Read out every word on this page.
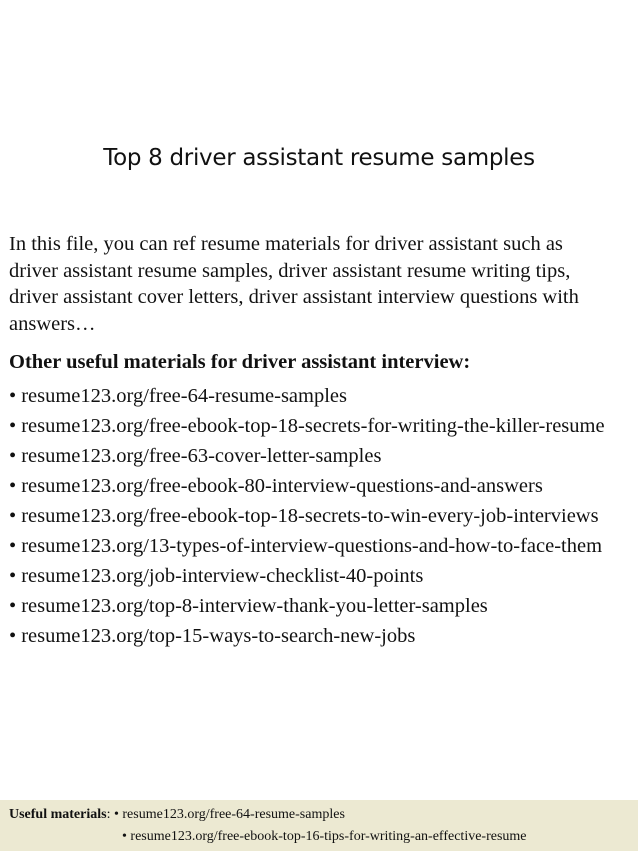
Top 8 driver assistant resume samples

In this file, you can ref resume materials for driver assistant such as

driver assistant resume samples, driver assistant resume writing tips,

driver assistant cover letters, driver assistant interview questions with

answers…

Other useful materials for driver assistant interview:
• resume123.org/free-64-resume-samples
• resume123.org/free-ebook-top-18-secrets-for-writing-the-killer-resume
• resume123.org/free-63-cover-letter-samples
• resume123.org/free-ebook-80-interview-questions-and-answers
• resume123.org/free-ebook-top-18-secrets-to-win-every-job-interviews
• resume123.org/13-types-of-interview-questions-and-how-to-face-them
• resume123.org/job-interview-checklist-40-points
• resume123.org/top-8-interview-thank-you-letter-samples
• resume123.org/top-15-ways-to-search-new-jobs
Useful materials: • resume123.org/free-64-resume-samples
• resume123.org/free-ebook-top-16-tips-for-writing-an-effective-resume
